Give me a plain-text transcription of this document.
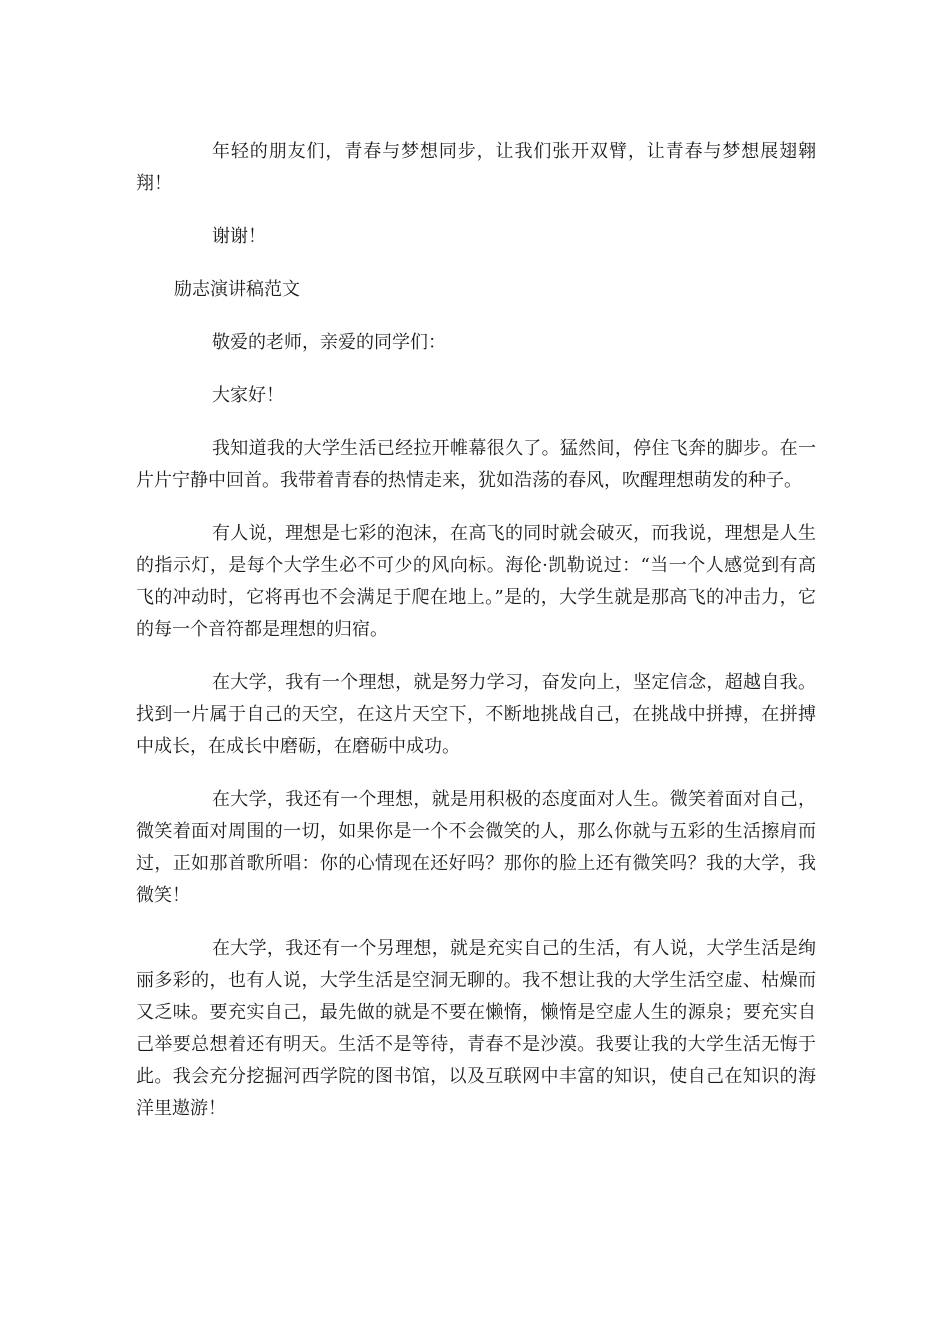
年轻的朋友们，青春与梦想同步，让我们张开双臂，让青春与梦想展翅翱翔！

谢谢！

励志演讲稿范文

敬爱的老师，亲爱的同学们：

大家好！

我知道我的大学生活已经拉开帷幕很久了。猛然间，停住飞奔的脚步。在一片片宁静中回首。我带着青春的热情走来，犹如浩荡的春风，吹醒理想萌发的种子。

有人说，理想是七彩的泡沫，在高飞的同时就会破灭，而我说，理想是人生的指示灯，是每个大学生必不可少的风向标。海伦·凯勒说过：“当一个人感觉到有高飞的冲动时，它将再也不会满足于爬在地上。”是的，大学生就是那高飞的冲击力，它的每一个音符都是理想的归宿。

在大学，我有一个理想，就是努力学习，奋发向上，坚定信念，超越自我。找到一片属于自己的天空，在这片天空下，不断地挑战自己，在挑战中拼搏，在拼搏中成长，在成长中磨砺，在磨砺中成功。

在大学，我还有一个理想，就是用积极的态度面对人生。微笑着面对自己，微笑着面对周围的一切，如果你是一个不会微笑的人，那么你就与五彩的生活擦肩而过，正如那首歌所唱：你的心情现在还好吗？那你的脸上还有微笑吗？我的大学，我微笑！

在大学，我还有一个另理想，就是充实自己的生活，有人说，大学生活是绚丽多彩的，也有人说，大学生活是空洞无聊的。我不想让我的大学生活空虚、枯燥而又乏味。要充实自己，最先做的就是不要在懒惰，懒惰是空虚人生的源泉；要充实自己举要总想着还有明天。生活不是等待，青春不是沙漠。我要让我的大学生活无悔于此。我会充分挖掘河西学院的图书馆，以及互联网中丰富的知识，使自己在知识的海洋里遨游！
